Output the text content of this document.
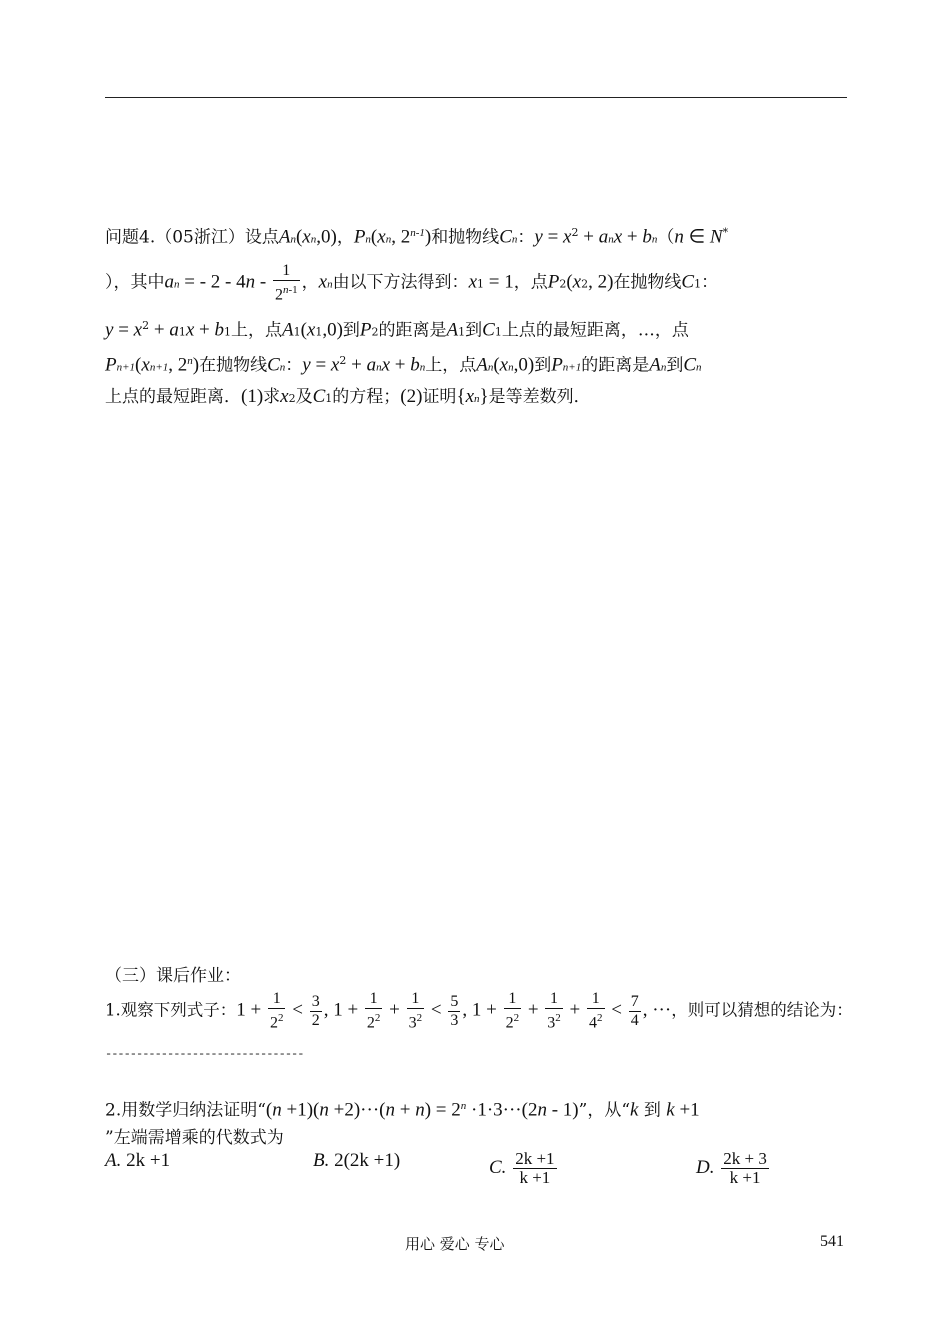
问题4.（05浙江）设点An(xn,0)，Pn(xn, 2$^{n-1}$)和抛物线Cn：$y = x^2$ + anx + bn（n ∈ N*
），其中an = - $2 - 4n - \frac{1}{2^{n-1}}$ ，xn由以下方法得到：x1 = 1，点P2(x2, 2)在抛物线C1：
$y = x^2 + a1x + b1$上，点A1(x1,0)到P2的距离是A1到C1上点的最短距离，…，点
Pn+1(xn+1, 2$^n$)在抛物线Cn：$y = x^2$ + anx + bn上，点An(xn,0)到Pn+1的距离是An到Cn
上点的最短距离．(1)求x2及C1的方程；(2)证明{xn}是等差数列．
（三）课后作业：
1.观察下列式子：$1 + \frac{1}{2^2} < \frac{3}{2}$ , $1 + \frac{1}{2^2} + \frac{1}{3^2} < \frac{5}{3}$ , $1 + \frac{1}{2^2} + \frac{1}{3^2} + \frac{1}{4^2} < \frac{7}{4}$ , ···，则可以猜想的结论为：
--------------------------------
2.用数学归纳法证明“$(n +1)(n +2)\cdot\cdot\cdot(n + n) = 2^n \cdot 1\cdot 3\cdot\cdot\cdot(2n - 1)$”，从“k 到 k +1
”左端需增乘的代数式为
A. 2k +1	B. 2(2k +1)	C. $\frac{2k +1}{k +1}$	D. $\frac{2k + 3}{k +1}$
用心 爱心 专心	541
